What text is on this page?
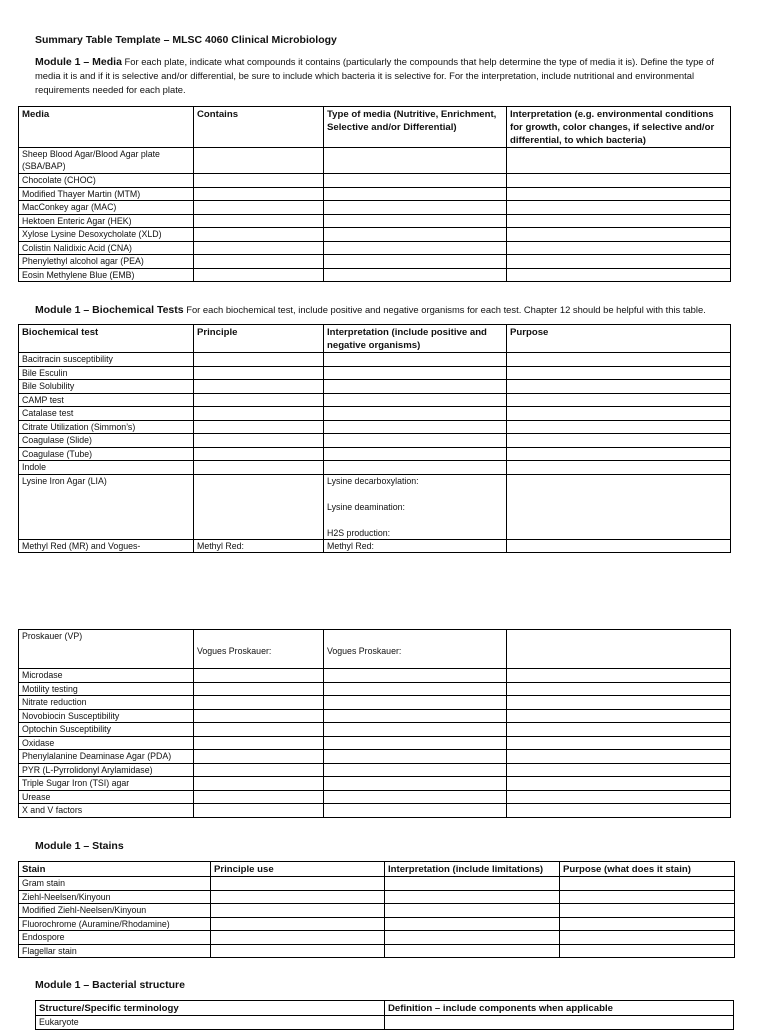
Summary Table Template – MLSC 4060 Clinical Microbiology
Module 1 – Media For each plate, indicate what compounds it contains (particularly the compounds that help determine the type of media it is). Define the type of media it is and if it is selective and/or differential, be sure to include which bacteria it is selective for. For the interpretation, include nutritional and environmental requirements needed for each plate.
Media	Contains	Type of media (Nutritive, Enrichment, Selective and/or Differential)	Interpretation (e.g. environmental conditions for growth, color changes, if selective and/or differential, to which bacteria)
Sheep Blood Agar/Blood Agar plate (SBA/BAP)			
Chocolate (CHOC)			
Modified Thayer Martin (MTM)			
MacConkey agar (MAC)			
Hektoen Enteric Agar (HEK)			
Xylose Lysine Desoxycholate (XLD)			
Colistin Nalidixic Acid (CNA)			
Phenylethyl alcohol agar (PEA)			
Eosin Methylene Blue (EMB)			
Module 1 – Biochemical Tests For each biochemical test, include positive and negative organisms for each test. Chapter 12 should be helpful with this table.
Biochemical test	Principle	Interpretation (include positive and negative organisms)	Purpose
Bacitracin susceptibility			
Bile Esculin			
Bile Solubility			
CAMP test			
Catalase test			
Citrate Utilization (Simmon’s)			
Coagulase (Slide)			
Coagulase (Tube)			
Indole			
Lysine Iron Agar (LIA)		Lysine decarboxylation:
Lysine deamination:
H2S production:	

Methyl Red (MR) and Vogues-	Methyl Red:	Methyl Red:	
Proskauer (VP)	Vogues Proskauer:	Vogues Proskauer:	
Microdase			
Motility testing			
Nitrate reduction			
Novobiocin Susceptibility			
Optochin Susceptibility			
Oxidase			
Phenylalanine Deaminase Agar (PDA)			
PYR (L-Pyrrolidonyl Arylamidase)			
Triple Sugar Iron (TSI) agar			
Urease			
X and V factors			
Module 1 – Stains
Stain	Principle use	Interpretation (include limitations)	Purpose (what does it stain)
Gram stain			
Ziehl-Neelsen/Kinyoun			
Modified Ziehl-Neelsen/Kinyoun			
Fluorochrome (Auramine/Rhodamine)			
Endospore			
Flagellar stain			
Module 1 – Bacterial structure
Structure/Specific terminology	Definition – include components when applicable
Eukaryote	
